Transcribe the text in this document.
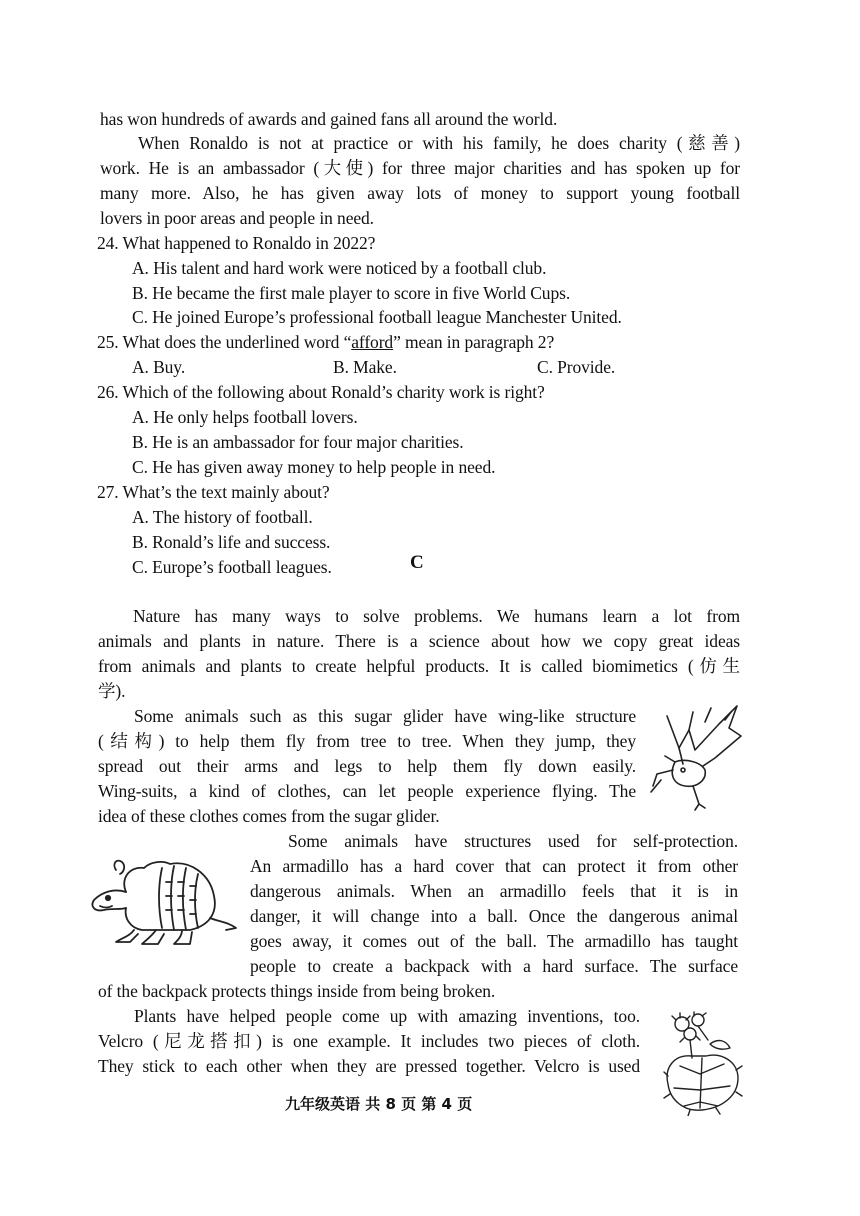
has won hundreds of awards and gained fans all around the world.
When Ronaldo is not at practice or with his family, he does charity (慈善)
work. He is an ambassador (大使) for three major charities and has spoken up for
many more. Also, he has given away lots of money to support young football
lovers in poor areas and people in need.
24. What happened to Ronaldo in 2022?
A. His talent and hard work were noticed by a football club.
B. He became the first male player to score in five World Cups.
C. He joined Europe’s professional football league Manchester United.
25. What does the underlined word “afford” mean in paragraph 2?
A. Buy.	B. Make.	C. Provide.
26. Which of the following about Ronald’s charity work is right?
A. He only helps football lovers.
B. He is an ambassador for four major charities.
C. He has given away money to help people in need.
27. What’s the text mainly about?
A. The history of football.
B. Ronald’s life and success.
C. Europe’s football leagues.	C
Nature has many ways to solve problems. We humans learn a lot from
animals and plants in nature. There is a science about how we copy great ideas
from animals and plants to create helpful products. It is called biomimetics (仿生
学).
Some animals such as this sugar glider have wing-like structure
(结构) to help them fly from tree to tree. When they jump, they
spread out their arms and legs to help them fly down easily.
Wing-suits, a kind of clothes, can let people experience flying. The
idea of these clothes comes from the sugar glider.
Some animals have structures used for self-protection.
An armadillo has a hard cover that can protect it from other
dangerous animals. When an armadillo feels that it is in
danger, it will change into a ball. Once the dangerous animal
goes away, it comes out of the ball. The armadillo has taught
people to create a backpack with a hard surface. The surface
of the backpack protects things inside from being broken.
Plants have helped people come up with amazing inventions, too.
Velcro (尼龙搭扣) is one example. It includes two pieces of cloth.
They stick to each other when they are pressed together. Velcro is used
九年级英语 共 8 页 第 4 页
